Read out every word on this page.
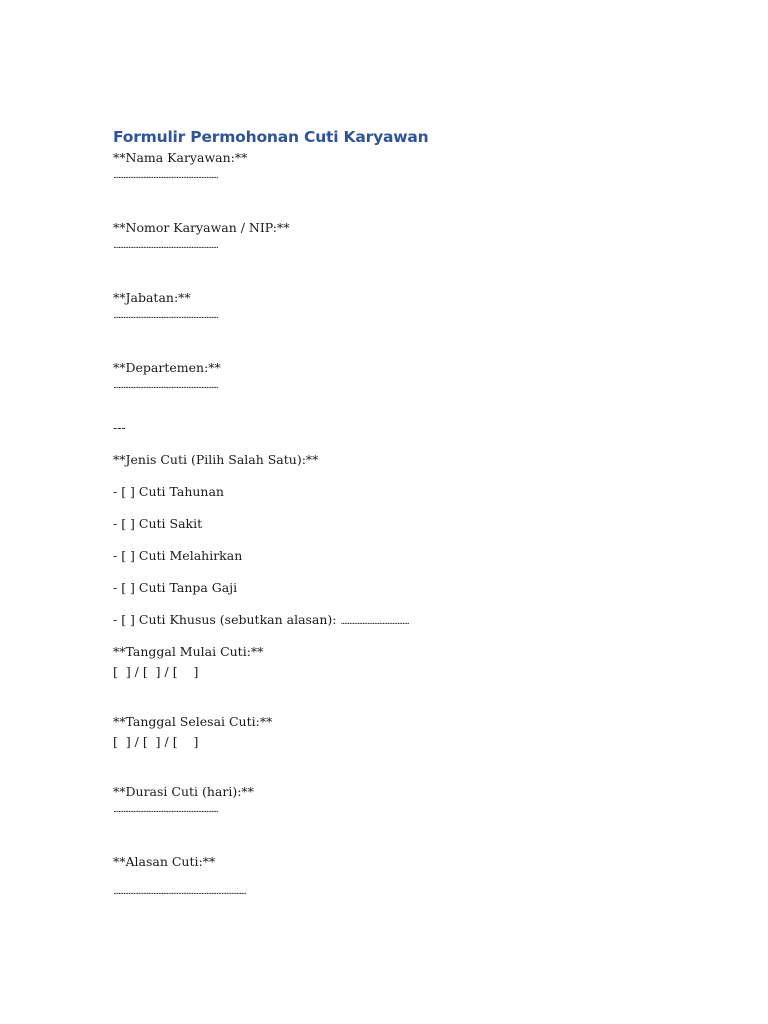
Formulir Permohonan Cuti Karyawan
**Nama Karyawan:**
...............................................................
**Nomor Karyawan / NIP:**
...............................................................
**Jabatan:**
...............................................................
**Departemen:**
...............................................................
---
**Jenis Cuti (Pilih Salah Satu):**
- [ ] Cuti Tahunan
- [ ] Cuti Sakit
- [ ] Cuti Melahirkan
- [ ] Cuti Tanpa Gaji
- [ ] Cuti Khusus (sebutkan alasan): .........................................
**Tanggal Mulai Cuti:**
[  ] / [  ] / [    ]
**Tanggal Selesai Cuti:**
[  ] / [  ] / [    ]
**Durasi Cuti (hari):**
...............................................................
**Alasan Cuti:**
................................................................................
